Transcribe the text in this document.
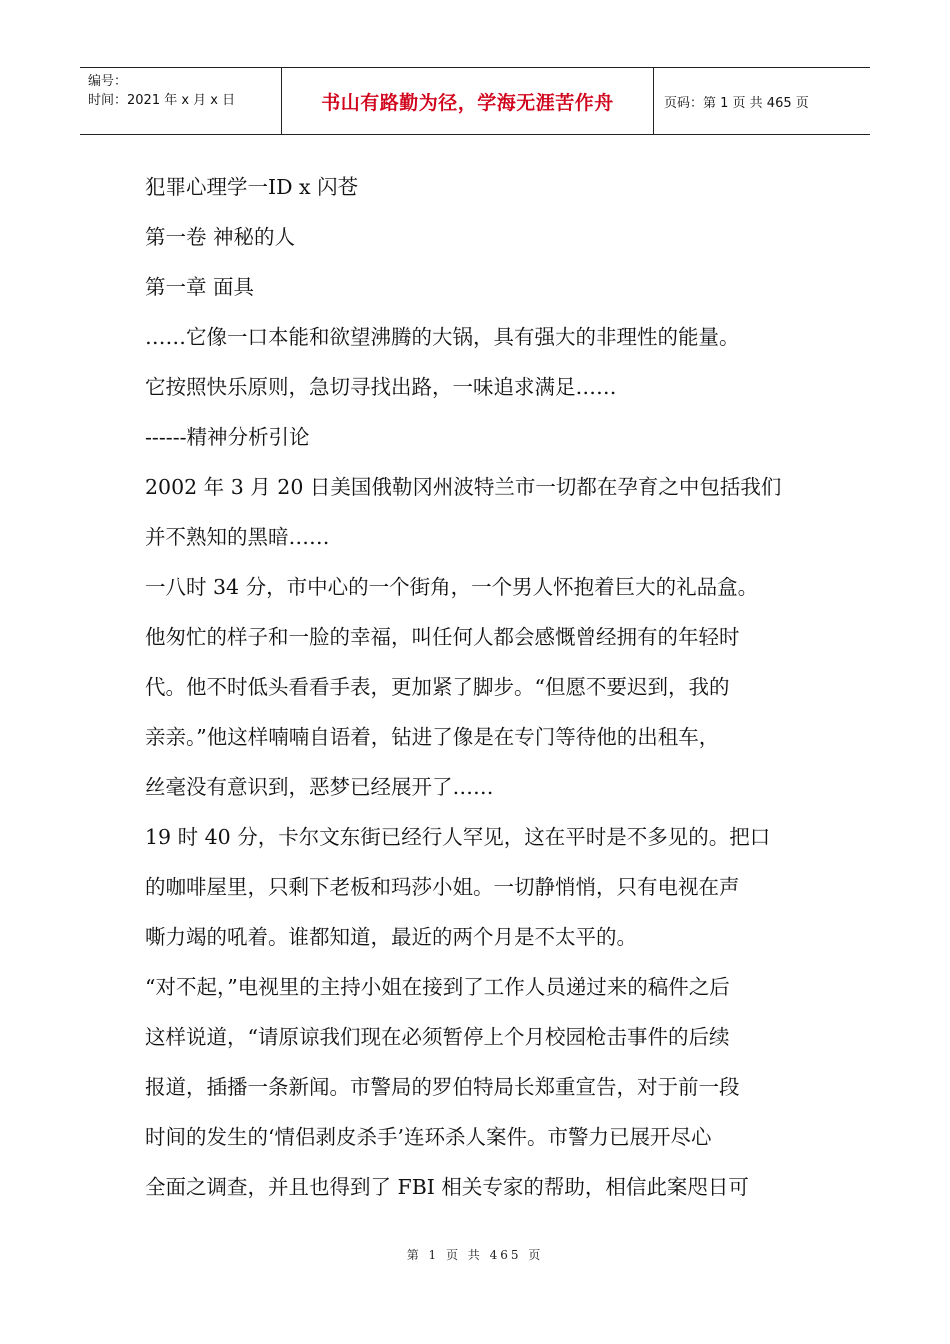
编号：
时间：2021 年 x 月 x 日	书山有路勤为径，学海无涯苦作舟	页码：第 1 页 共 465 页
犯罪心理学一ID x 闪苍
第一卷 神秘的人
第一章 面具
……它像一口本能和欲望沸腾的大锅，具有强大的非理性的能量。
它按照快乐原则，急切寻找出路，一味追求满足……
------精神分析引论
2002 年 3 月 20 日美国俄勒冈州波特兰市一切都在孕育之中包括我们
并不熟知的黑暗……
一八时 34 分，市中心的一个街角，一个男人怀抱着巨大的礼品盒。
他匆忙的样子和一脸的幸福，叫任何人都会感慨曾经拥有的年轻时
代。他不时低头看看手表，更加紧了脚步。“但愿不要迟到，我的
亲亲。”他这样喃喃自语着，钻进了像是在专门等待他的出租车，
丝毫没有意识到，恶梦已经展开了……
19 时 40 分，卡尔文东街已经行人罕见，这在平时是不多见的。把口
的咖啡屋里，只剩下老板和玛莎小姐。一切静悄悄，只有电视在声
嘶力竭的吼着。谁都知道，最近的两个月是不太平的。
“对不起，”电视里的主持小姐在接到了工作人员递过来的稿件之后
这样说道，“请原谅我们现在必须暂停上个月校园枪击事件的后续
报道，插播一条新闻。市警局的罗伯特局长郑重宣告，对于前一段
时间的发生的‘情侣剥皮杀手’连环杀人案件。市警力已展开尽心
全面之调查，并且也得到了 FBI 相关专家的帮助，相信此案咫日可
第 1 页 共 465 页
